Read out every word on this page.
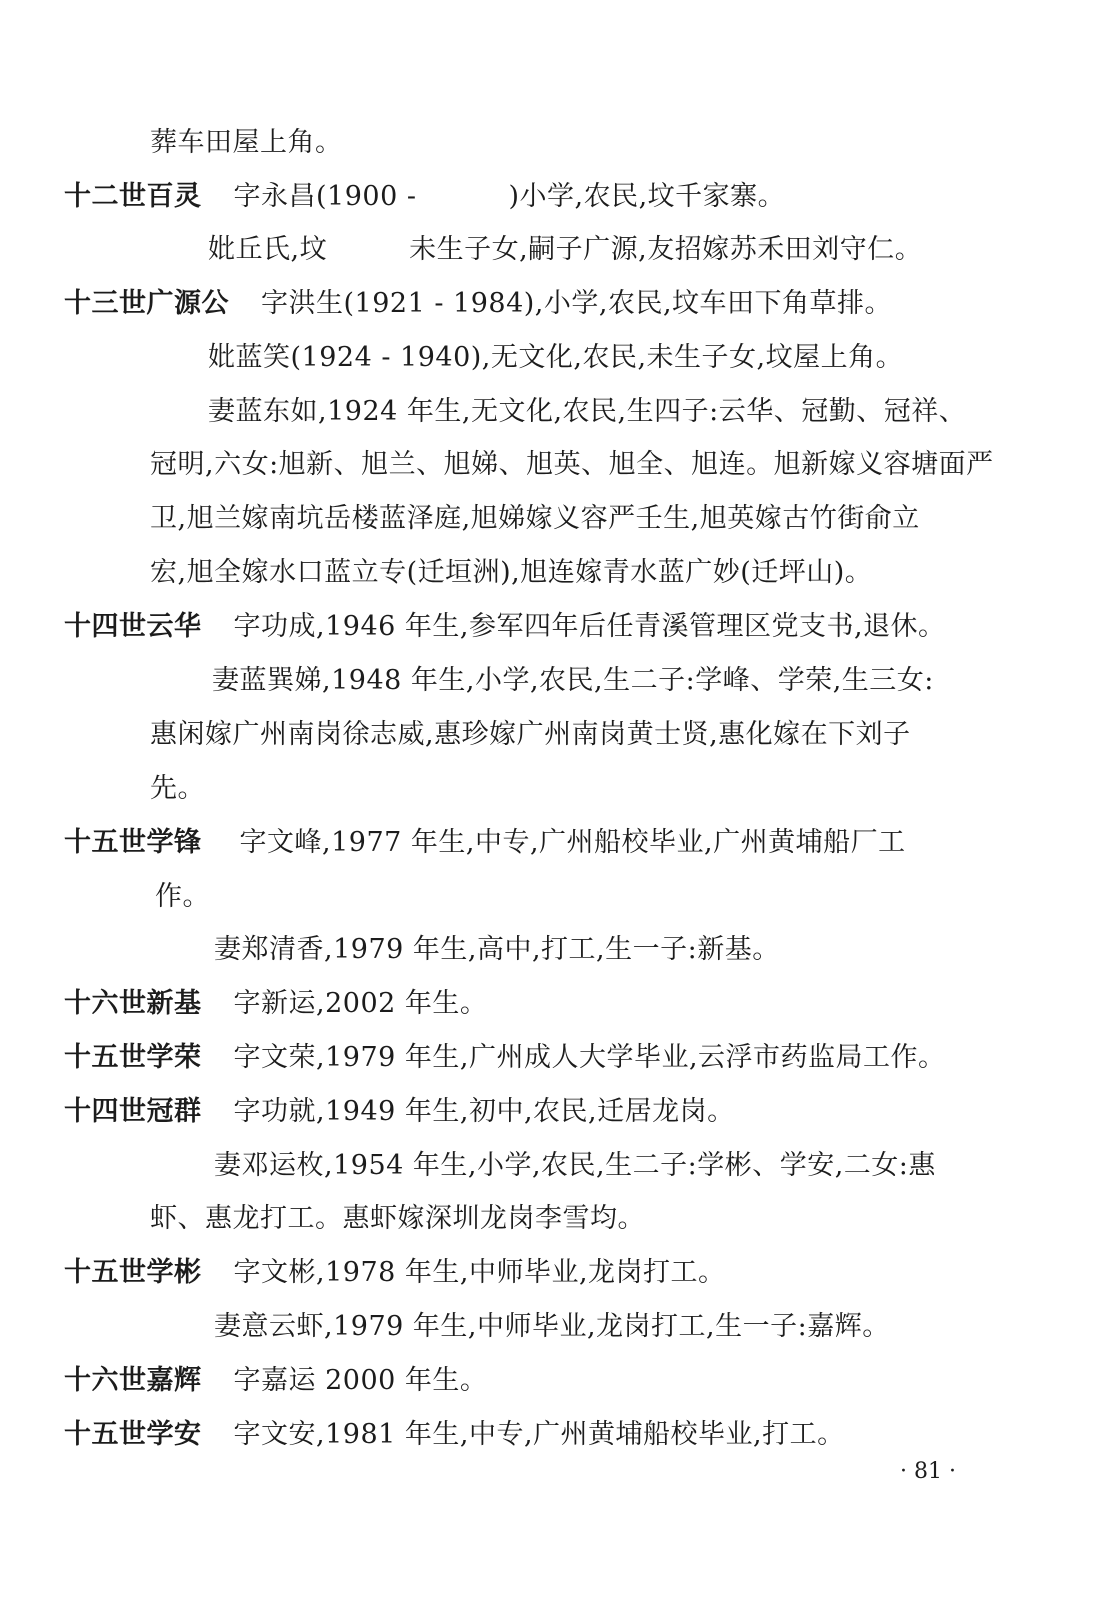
葬车田屋上角。
十二世百灵 字永昌(1900 -	)小学,农民,坟千家寨。
妣丘氏,坟	未生子女,嗣子广源,友招嫁苏禾田刘守仁。
十三世广源公 字洪生(1921 - 1984),小学,农民,坟车田下角草排。
妣蓝笑(1924 - 1940),无文化,农民,未生子女,坟屋上角。
妻蓝东如,1924 年生,无文化,农民,生四子:云华、冠勤、冠祥、
冠明,六女:旭新、旭兰、旭娣、旭英、旭全、旭连。旭新嫁义容塘面严
卫,旭兰嫁南坑岳楼蓝泽庭,旭娣嫁义容严壬生,旭英嫁古竹街俞立
宏,旭全嫁水口蓝立专(迁垣洲),旭连嫁青水蓝广妙(迁坪山)。
十四世云华 字功成,1946 年生,参军四年后任青溪管理区党支书,退休。
妻蓝巽娣,1948 年生,小学,农民,生二子:学峰、学荣,生三女:
惠闲嫁广州南岗徐志威,惠珍嫁广州南岗黄士贤,惠化嫁在下刘子
先。
十五世学锋 字文峰,1977 年生,中专,广州船校毕业,广州黄埔船厂工
作。
妻郑清香,1979 年生,高中,打工,生一子:新基。
十六世新基 字新运,2002 年生。
十五世学荣 字文荣,1979 年生,广州成人大学毕业,云浮市药监局工作。
十四世冠群 字功就,1949 年生,初中,农民,迁居龙岗。
妻邓运枚,1954 年生,小学,农民,生二子:学彬、学安,二女:惠
虾、惠龙打工。惠虾嫁深圳龙岗李雪均。
十五世学彬 字文彬,1978 年生,中师毕业,龙岗打工。
妻意云虾,1979 年生,中师毕业,龙岗打工,生一子:嘉辉。
十六世嘉辉 字嘉运 2000 年生。
十五世学安 字文安,1981 年生,中专,广州黄埔船校毕业,打工。
· 81 ·
